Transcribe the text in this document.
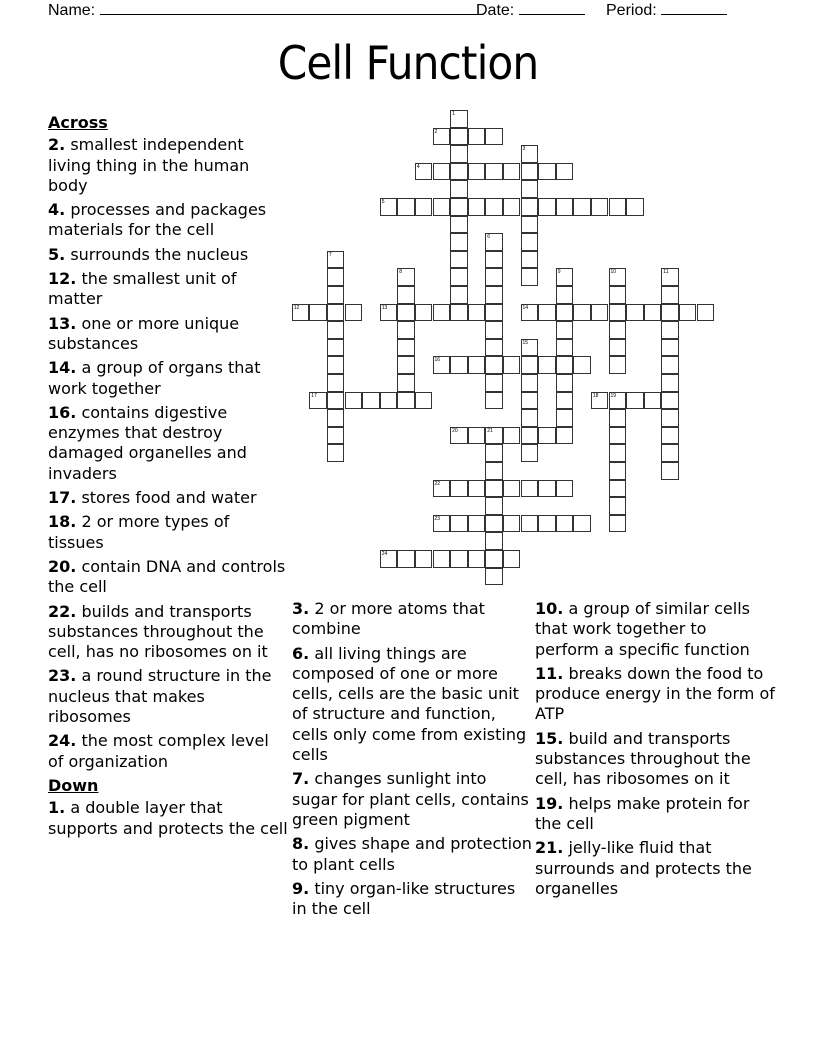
Name:	Date:	Period:
Cell Function
1
2
3
4
5
6
7
8	9	10	11
12	13	14
15
16
17	18 19
20	21
22
23
24
Across
2. smallest independent living thing in the human body
4. processes and packages materials for the cell
5. surrounds the nucleus
12. the smallest unit of matter
13. one or more unique substances
14. a group of organs that work together
16. contains digestive enzymes that destroy damaged organelles and invaders
17. stores food and water
18. 2 or more types of tissues
20. contain DNA and controls the cell
22. builds and transports substances throughout the cell, has no ribosomes on it
23. a round structure in the nucleus that makes ribosomes
24. the most complex level of organization
Down
1. a double layer that supports and protects the cell
3. 2 or more atoms that combine
6. all living things are composed of one or more cells, cells are the basic unit of structure and function, cells only come from existing cells
7. changes sunlight into sugar for plant cells, contains green pigment
8. gives shape and protection to plant cells
9. tiny organ-like structures in the cell
10. a group of similar cells that work together to perform a specific function
11. breaks down the food to produce energy in the form of ATP
15. build and transports substances throughout the cell, has ribosomes on it
19. helps make protein for the cell
21. jelly-like fluid that surrounds and protects the organelles
